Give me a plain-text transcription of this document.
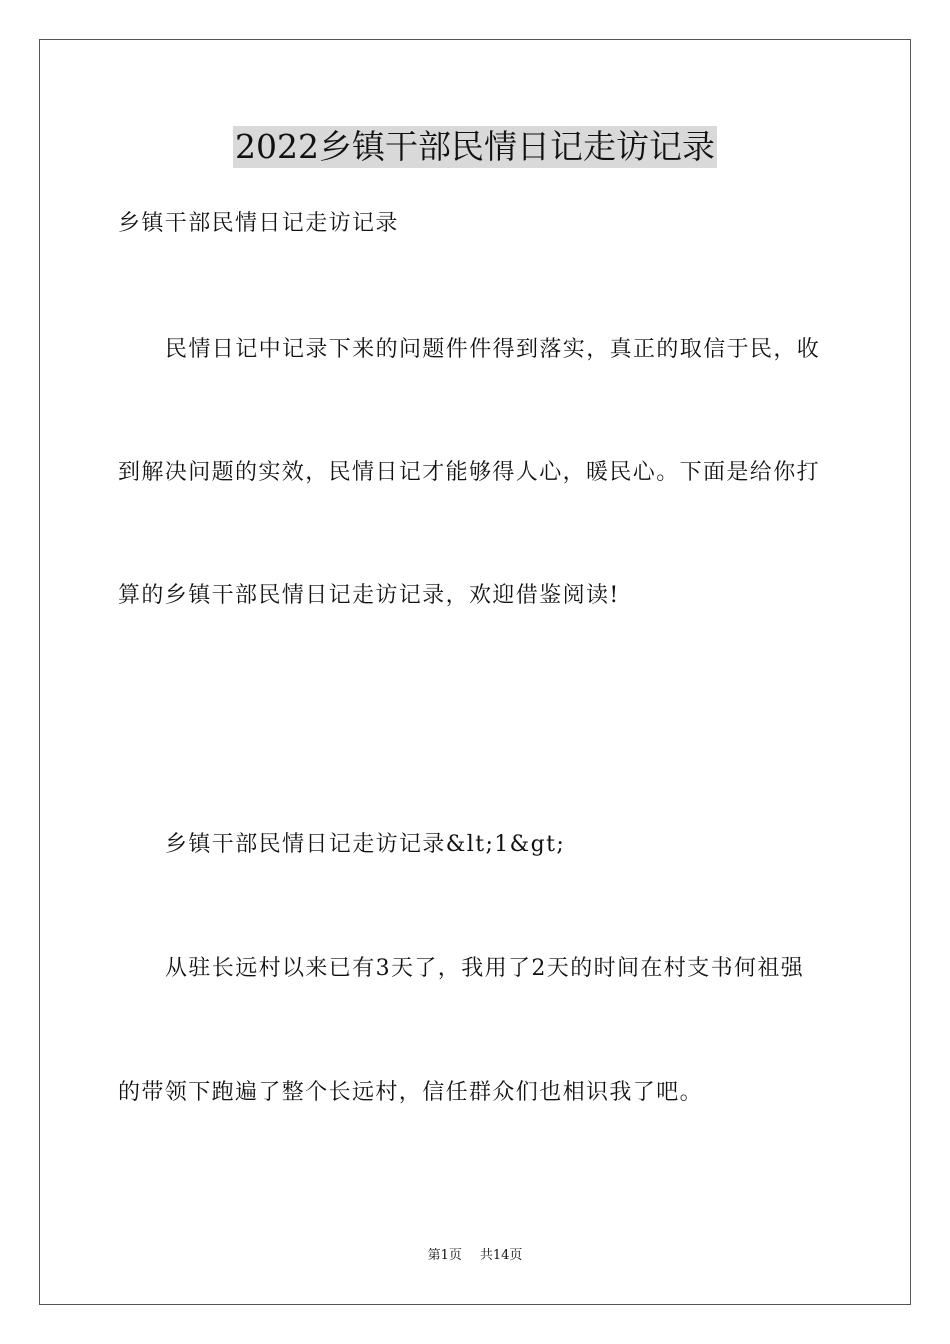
2022乡镇干部民情日记走访记录
乡镇干部民情日记走访记录
民情日记中记录下来的问题件件得到落实，真正的取信于民，收
到解决问题的实效，民情日记才能够得人心，暖民心。下面是给你打
算的乡镇干部民情日记走访记录，欢迎借鉴阅读!
乡镇干部民情日记走访记录&lt;1&gt;
从驻长远村以来已有3天了，我用了2天的时间在村支书何祖强
的带领下跑遍了整个长远村，信任群众们也相识我了吧。
第1页 共14页
